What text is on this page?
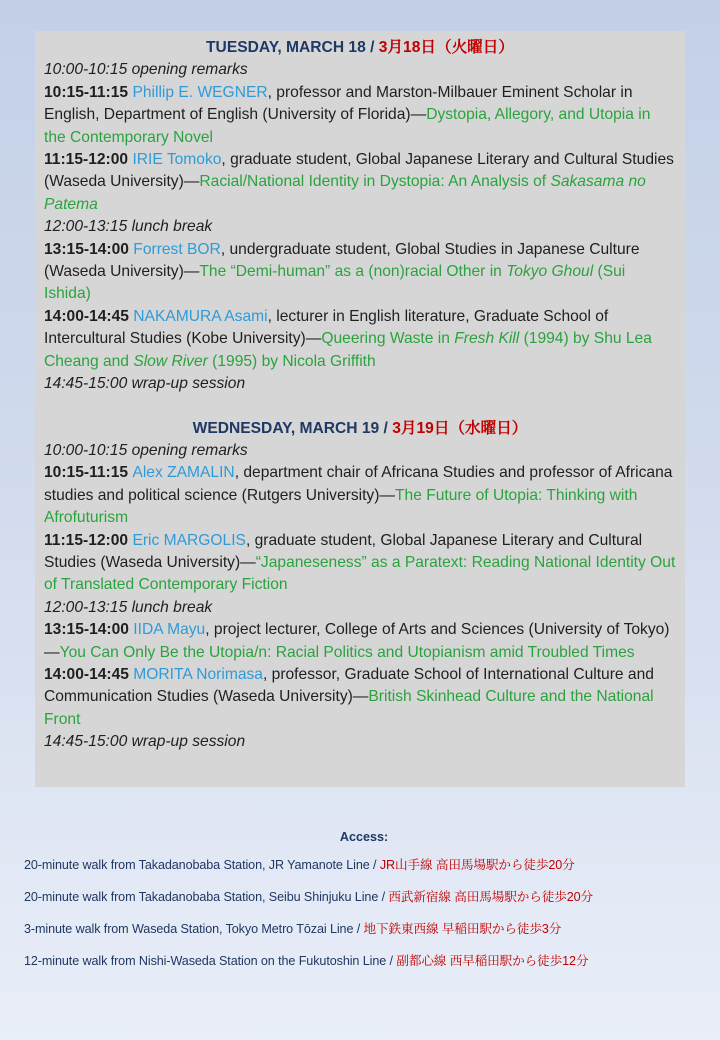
TUESDAY, MARCH 18 / 3月18日（火曜日）

10:00-10:15 opening remarks

10:15-11:15 Phillip E. WEGNER, professor and Marston-Milbauer Eminent Scholar in English, Department of English (University of Florida)—Dystopia, Allegory, and Utopia in the Contemporary Novel

11:15-12:00 IRIE Tomoko, graduate student, Global Japanese Literary and Cultural Studies (Waseda University)—Racial/National Identity in Dystopia: An Analysis of Sakasama no Patema

12:00-13:15 lunch break

13:15-14:00 Forrest BOR, undergraduate student, Global Studies in Japanese Culture (Waseda University)—The “Demi-human” as a (non)racial Other in Tokyo Ghoul (Sui Ishida)

14:00-14:45 NAKAMURA Asami, lecturer in English literature, Graduate School of Intercultural Studies (Kobe University)—Queering Waste in Fresh Kill (1994) by Shu Lea Cheang and Slow River (1995) by Nicola Griffith

14:45-15:00 wrap-up session

WEDNESDAY, MARCH 19 / 3月19日（水曜日）

10:00-10:15 opening remarks

10:15-11:15 Alex ZAMALIN, department chair of Africana Studies and professor of Africana studies and political science (Rutgers University)—The Future of Utopia: Thinking with Afrofuturism

11:15-12:00 Eric MARGOLIS, graduate student, Global Japanese Literary and Cultural Studies (Waseda University)—“Japaneseness” as a Paratext: Reading National Identity Out of Translated Contemporary Fiction

12:00-13:15 lunch break

13:15-14:00 IIDA Mayu, project lecturer, College of Arts and Sciences (University of Tokyo)—You Can Only Be the Utopia/n: Racial Politics and Utopianism amid Troubled Times

14:00-14:45 MORITA Norimasa, professor, Graduate School of International Culture and Communication Studies (Waseda University)—British Skinhead Culture and the National Front

14:45-15:00 wrap-up session

Access:

20-minute walk from Takadanobaba Station, JR Yamanote Line / JR山手線 高田馬場駅から徒歩20分

20-minute walk from Takadanobaba Station, Seibu Shinjuku Line / 西武新宿線 高田馬場駅から徒歩20分

3-minute walk from Waseda Station, Tokyo Metro Tōzai Line / 地下鉄東西線 早稲田駅から徒歩3分

12-minute walk from Nishi-Waseda Station on the Fukutoshin Line / 副都心線 西早稲田駅から徒歩12分
